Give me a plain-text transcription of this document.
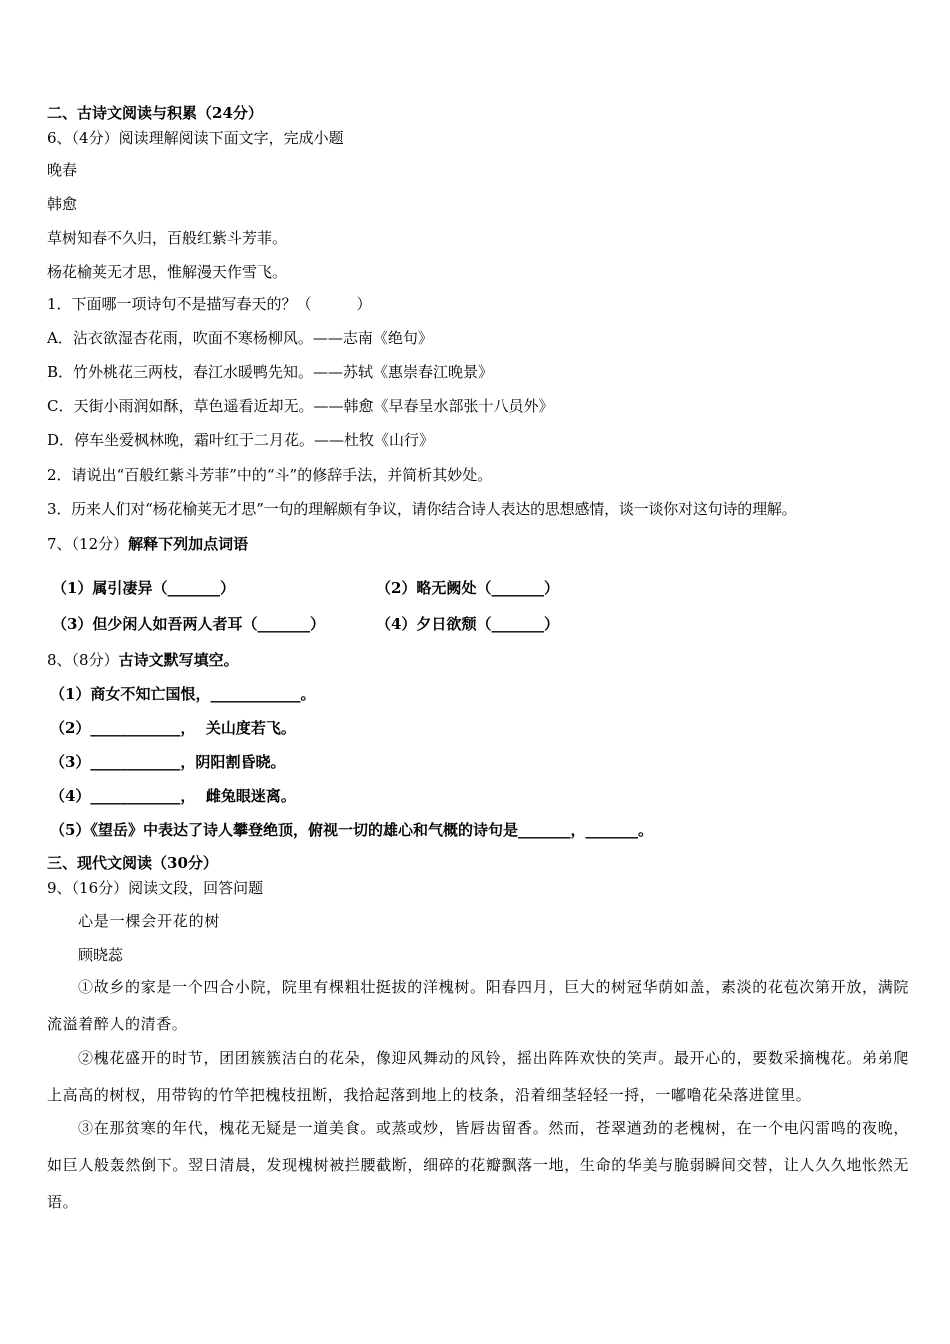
二、古诗文阅读与积累（24分）
6、（4分）阅读理解阅读下面文字，完成小题
晚春
韩愈
草树知春不久归，百般红紫斗芳菲。
杨花榆荚无才思，惟解漫天作雪飞。
1．下面哪一项诗句不是描写春天的？（　　　）
A．沾衣欲湿杏花雨，吹面不寒杨柳风。——志南《绝句》
B．竹外桃花三两枝，春江水暖鸭先知。——苏轼《惠崇春江晚景》
C．天街小雨润如酥，草色遥看近却无。——韩愈《早春呈水部张十八员外》
D．停车坐爱枫林晚，霜叶红于二月花。——杜牧《山行》
2．请说出“百般红紫斗芳菲”中的“斗”的修辞手法，并简析其妙处。
3．历来人们对“杨花榆荚无才思”一句的理解颇有争议，请你结合诗人表达的思想感情，谈一谈你对这句诗的理解。
7、（12分）解释下列加点词语
（1）属引凄异（_______）	（2）略无阙处（_______）
（3）但少闲人如吾两人者耳（_______）	（4）夕日欲颓（_______）
8、（8分）古诗文默写填空。
（1）商女不知亡国恨，____________。
（2）____________，  关山度若飞。
（3）____________，阴阳割昏晓。
（4）____________，  雌兔眼迷离。
（5）《望岳》中表达了诗人攀登绝顶，俯视一切的雄心和气概的诗句是_______，_______。
三、现代文阅读（30分）
9、（16分）阅读文段，回答问题
心是一棵会开花的树
顾晓蕊
①故乡的家是一个四合小院，院里有棵粗壮挺拔的洋槐树。阳春四月，巨大的树冠华荫如盖，素淡的花苞次第开放，满院流溢着醉人的清香。
②槐花盛开的时节，团团簇簇洁白的花朵，像迎风舞动的风铃，摇出阵阵欢快的笑声。最开心的，要数采摘槐花。弟弟爬上高高的树杈，用带钩的竹竿把槐枝扭断，我拾起落到地上的枝条，沿着细茎轻轻一捋，一嘟噜花朵落进筐里。
③在那贫寒的年代，槐花无疑是一道美食。或蒸或炒，皆唇齿留香。然而，苍翠遒劲的老槐树，在一个电闪雷鸣的夜晚，如巨人般轰然倒下。翌日清晨，发现槐树被拦腰截断，细碎的花瓣飘落一地，生命的华美与脆弱瞬间交替，让人久久地怅然无语。
